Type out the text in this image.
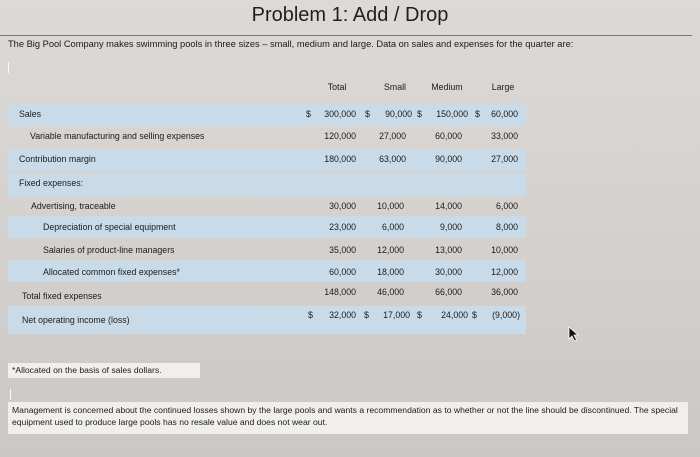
Problem 1: Add / Drop
The Big Pool Company makes swimming pools in three sizes – small, medium and large. Data on sales and expenses for the quarter are:
Total	Small	Medium	Large
Sales	$	300,000 $	90,000 $	150,000 $	60,000
Variable manufacturing and selling expenses	120,000	27,000	60,000	33,000
Contribution margin	180,000	63,000	90,000	27,000
Fixed expenses:
Advertising, traceable	30,000	10,000	14,000	6,000
Depreciation of special equipment	23,000	6,000	9,000	8,000
Salaries of product-line managers	35,000	12,000	13,000	10,000
Allocated common fixed expenses*	60,000	18,000	30,000	12,000
Total fixed expenses	148,000	46,000	66,000	36,000
Net operating income (loss)	$	32,000 $	17,000 $	24,000 $	(9,000)
*Allocated on the basis of sales dollars.
Management is concerned about the continued losses shown by the large pools and wants a recommendation as to whether or not the line should be discontinued. The special equipment used to produce large pools has no resale value and does not wear out.
